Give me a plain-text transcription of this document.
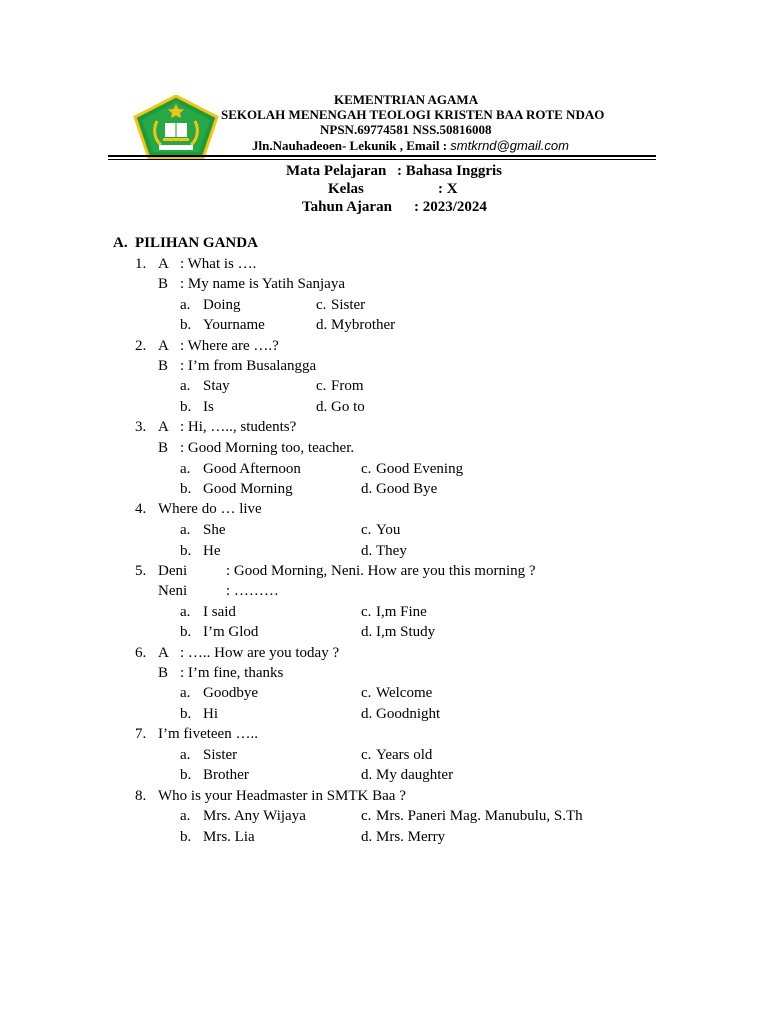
KEMENTRIAN AGAMA
SEKOLAH MENENGAH TEOLOGI KRISTEN BAA ROTE NDAO
NPSN.69774581 NSS.50816008
Jln.Nauhadeoen- Lekunik , Email : smtkrnd@gmail.com
Mata Pelajaran : Bahasa Inggris
Kelas	: X
Tahun Ajaran : 2023/2024
A. PILIHAN GANDA
1. A : What is ….
B : My name is Yatih Sanjaya
a. Doing	c. Sister
b. Yourname	d. Mybrother
2. A : Where are ….?
B : I’m from Busalangga
a. Stay	c. From
b. Is	d. Go to
3. A : Hi, ….., students?
B : Good Morning too, teacher.
a. Good Afternoon	c. Good Evening
b. Good Morning	d. Good Bye
4. Where do … live
a. She	c. You
b. He	d. They
5. Deni	: Good Morning, Neni. How are you this morning ?
Neni	: ………
a. I said	c. I,m Fine
b. I’m Glod	d. I,m Study
6. A : ….. How are you today ?
B : I’m fine, thanks
a. Goodbye	c. Welcome
b. Hi	d. Goodnight
7. I’m fiveteen …..
a. Sister	c. Years old
b. Brother	d. My daughter
8. Who is your Headmaster in SMTK Baa ?
a. Mrs. Any Wijaya	c. Mrs. Paneri Mag. Manubulu, S.Th
b. Mrs. Lia	d. Mrs. Merry
